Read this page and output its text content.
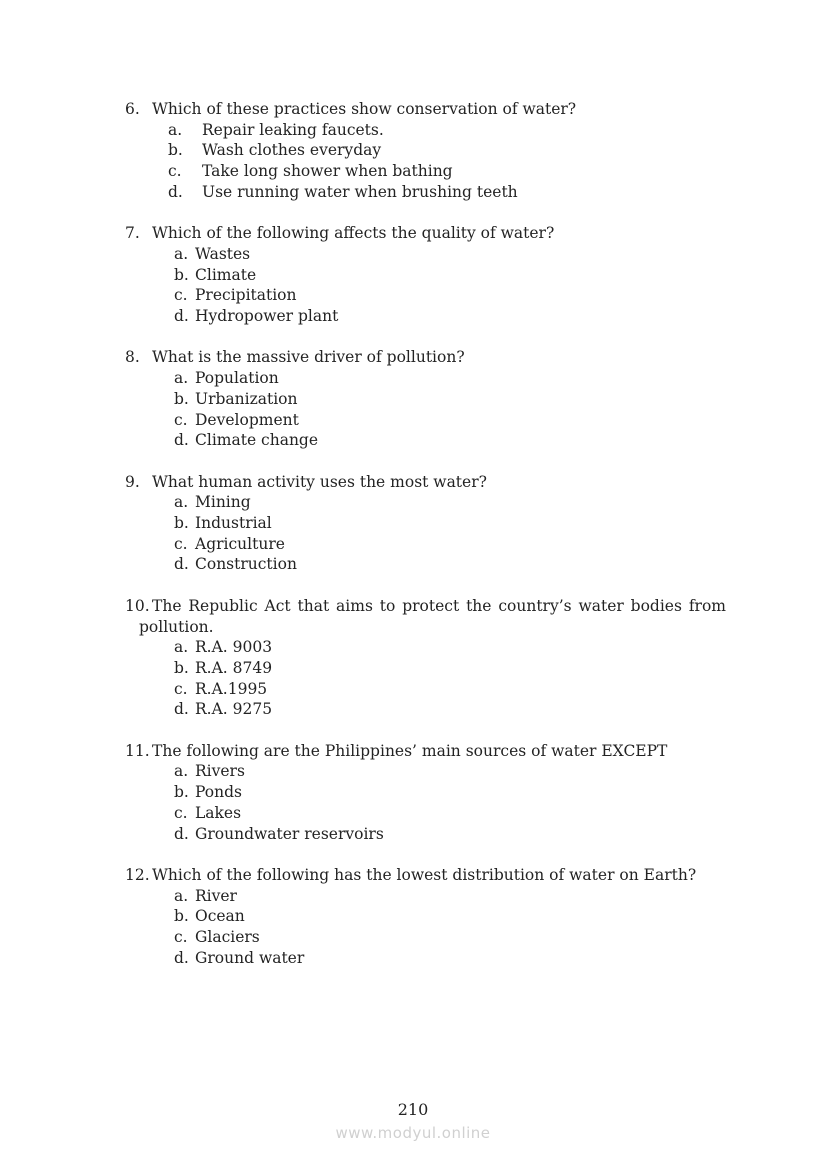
6. Which of these practices show conservation of water?

a.	Repair leaking faucets.
b.	Wash clothes everyday
c.	Take long shower when bathing
d.	Use running water when brushing teeth

7. Which of the following affects the quality of water?

a. Wastes
b. Climate
c. Precipitation
d. Hydropower plant

8. What is the massive driver of pollution?

a. Population
b. Urbanization
c. Development
d. Climate change

9. What human activity uses the most water?

a. Mining
b. Industrial
c. Agriculture
d. Construction

10. The Republic Act that aims to protect the country’s water bodies from pollution.

a. R.A. 9003
b. R.A. 8749
c. R.A.1995
d. R.A. 9275

11. The following are the Philippines’ main sources of water EXCEPT

a. Rivers
b. Ponds
c. Lakes
d. Groundwater reservoirs

12. Which of the following has the lowest distribution of water on Earth?

a. River
b. Ocean
c. Glaciers
d. Ground water
210
www.modyul.online
